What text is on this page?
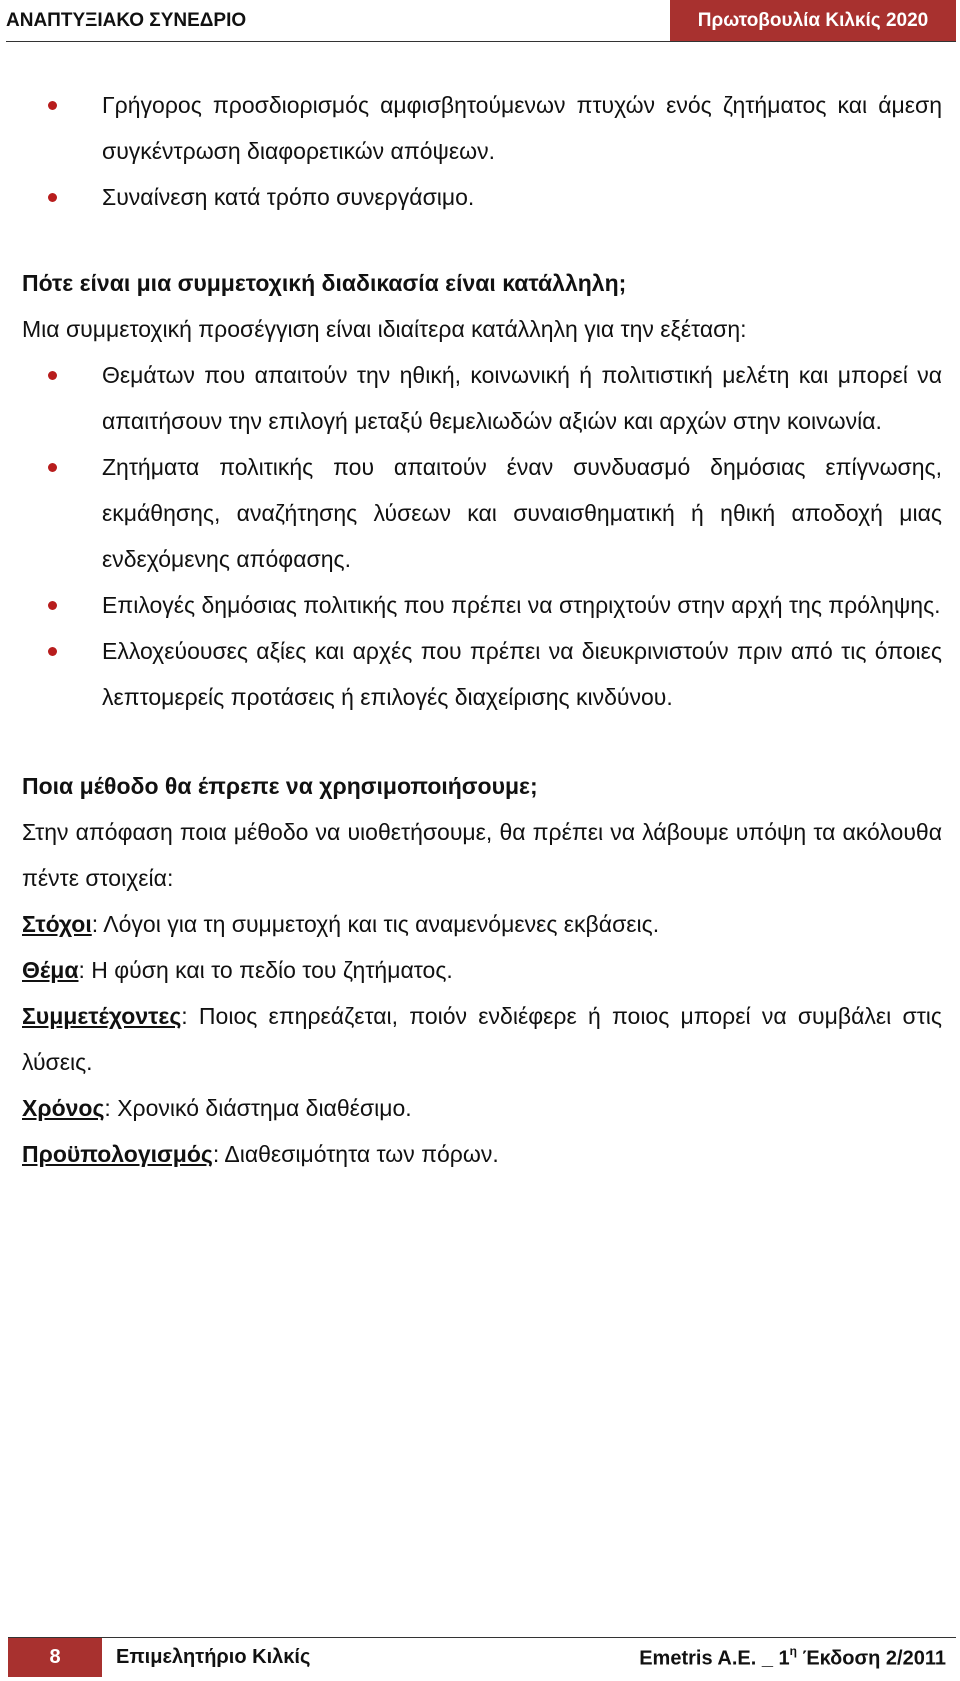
ΑΝΑΠΤΥΞΙΑΚΟ ΣΥΝΕΔΡΙΟ	Πρωτοβουλία Κιλκίς 2020
Γρήγορος προσδιορισμός αμφισβητούμενων πτυχών ενός ζητήματος και άμεση συγκέντρωση διαφορετικών απόψεων.
Συναίνεση κατά τρόπο συνεργάσιμο.
Πότε είναι μια συμμετοχική διαδικασία είναι κατάλληλη;
Μια συμμετοχική προσέγγιση είναι ιδιαίτερα κατάλληλη για την εξέταση:
Θεμάτων που απαιτούν την ηθική, κοινωνική ή πολιτιστική μελέτη και μπορεί να απαιτήσουν την επιλογή μεταξύ θεμελιωδών αξιών και αρχών στην κοινωνία.
Ζητήματα πολιτικής που απαιτούν έναν συνδυασμό δημόσιας επίγνωσης, εκμάθησης, αναζήτησης λύσεων και συναισθηματική ή ηθική αποδοχή μιας ενδεχόμενης απόφασης.
Επιλογές δημόσιας πολιτικής που πρέπει να στηριχτούν στην αρχή της πρόληψης.
Ελλοχεύουσες αξίες και αρχές που πρέπει να διευκρινιστούν πριν από τις όποιες λεπτομερείς προτάσεις ή επιλογές διαχείρισης κινδύνου.
Ποια μέθοδο θα έπρεπε να χρησιμοποιήσουμε;
Στην απόφαση ποια μέθοδο να υιοθετήσουμε, θα πρέπει να λάβουμε υπόψη τα ακόλουθα πέντε στοιχεία:
Στόχοι: Λόγοι για τη συμμετοχή και τις αναμενόμενες εκβάσεις.
Θέμα: Η φύση και το πεδίο του ζητήματος.
Συμμετέχοντες: Ποιος επηρεάζεται, ποιόν ενδιέφερε ή ποιος μπορεί να συμβάλει στις λύσεις.
Χρόνος: Χρονικό διάστημα διαθέσιμο.
Προϋπολογισμός: Διαθεσιμότητα των πόρων.
8	Επιμελητήριο Κιλκίς	Emetris A.E. _ $1^\eta$ Έκδοση 2/2011
